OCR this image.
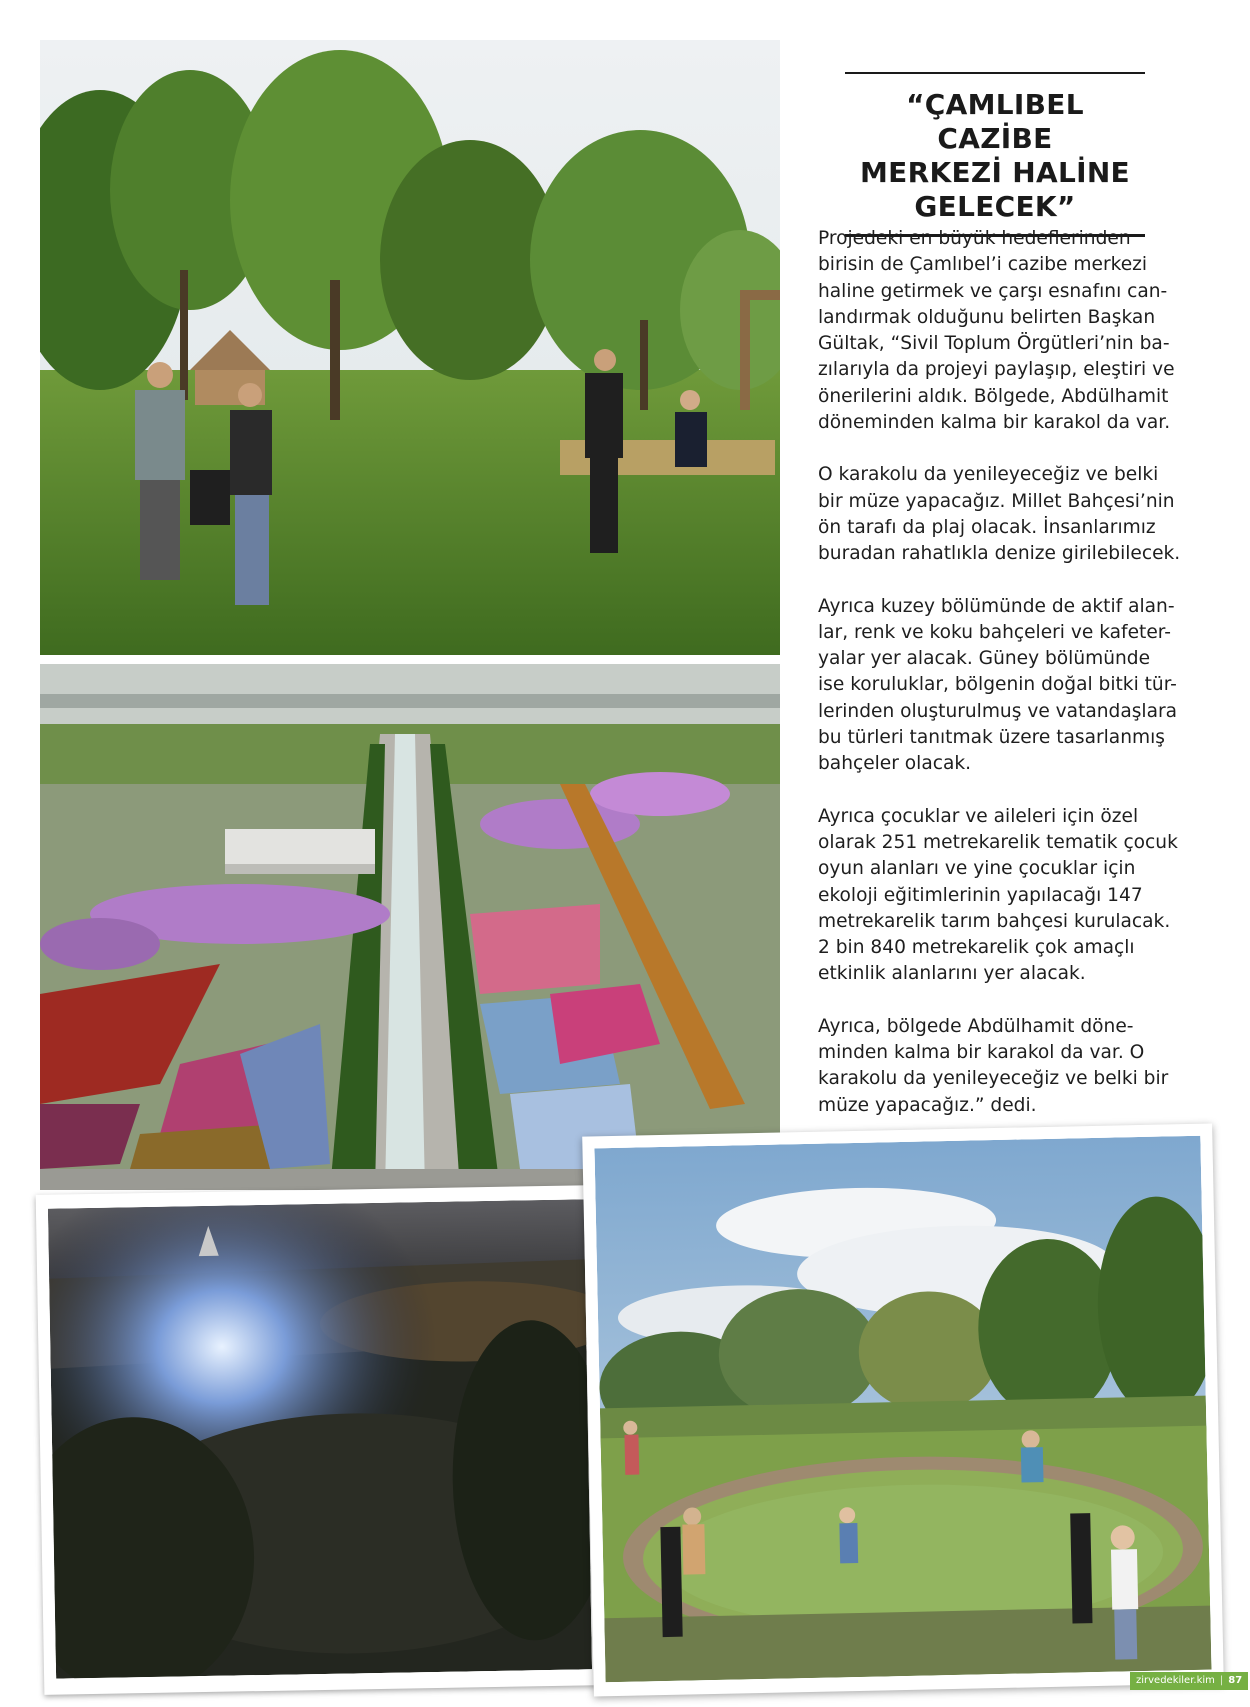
“ÇAMLIBEL CAZİBE
MERKEZİ HALİNE
GELECEK”

Projedeki en büyük hedeflerinden
birisin de Çamlıbel’i cazibe merkezi
haline getirmek ve çarşı esnafını can-
landırmak olduğunu belirten Başkan
Gültak, “Sivil Toplum Örgütleri’nin ba-
zılarıyla da projeyi paylaşıp, eleştiri ve
önerilerini aldık. Bölgede, Abdülhamit
döneminden kalma bir karakol da var.

O karakolu da yenileyeceğiz ve belki
bir müze yapacağız. Millet Bahçesi’nin
ön tarafı da plaj olacak. İnsanlarımız
buradan rahatlıkla denize girilebilecek.

Ayrıca kuzey bölümünde de aktif alan-
lar, renk ve koku bahçeleri ve kafeter-
yalar yer alacak. Güney bölümünde
ise koruluklar, bölgenin doğal bitki tür-
lerinden oluşturulmuş ve vatandaşlara
bu türleri tanıtmak üzere tasarlanmış
bahçeler olacak.

Ayrıca çocuklar ve aileleri için özel
olarak 251 metrekarelik tematik çocuk
oyun alanları ve yine çocuklar için
ekoloji eğitimlerinin yapılacağı 147
metrekarelik tarım bahçesi kurulacak.
2 bin 840 metrekarelik çok amaçlı
etkinlik alanlarını yer alacak.

Ayrıca, bölgede Abdülhamit döne-
minden kalma bir karakol da var. O
karakolu da yenileyeceğiz ve belki bir
müze yapacağız.” dedi.

zirvedekiler.kim | 87
